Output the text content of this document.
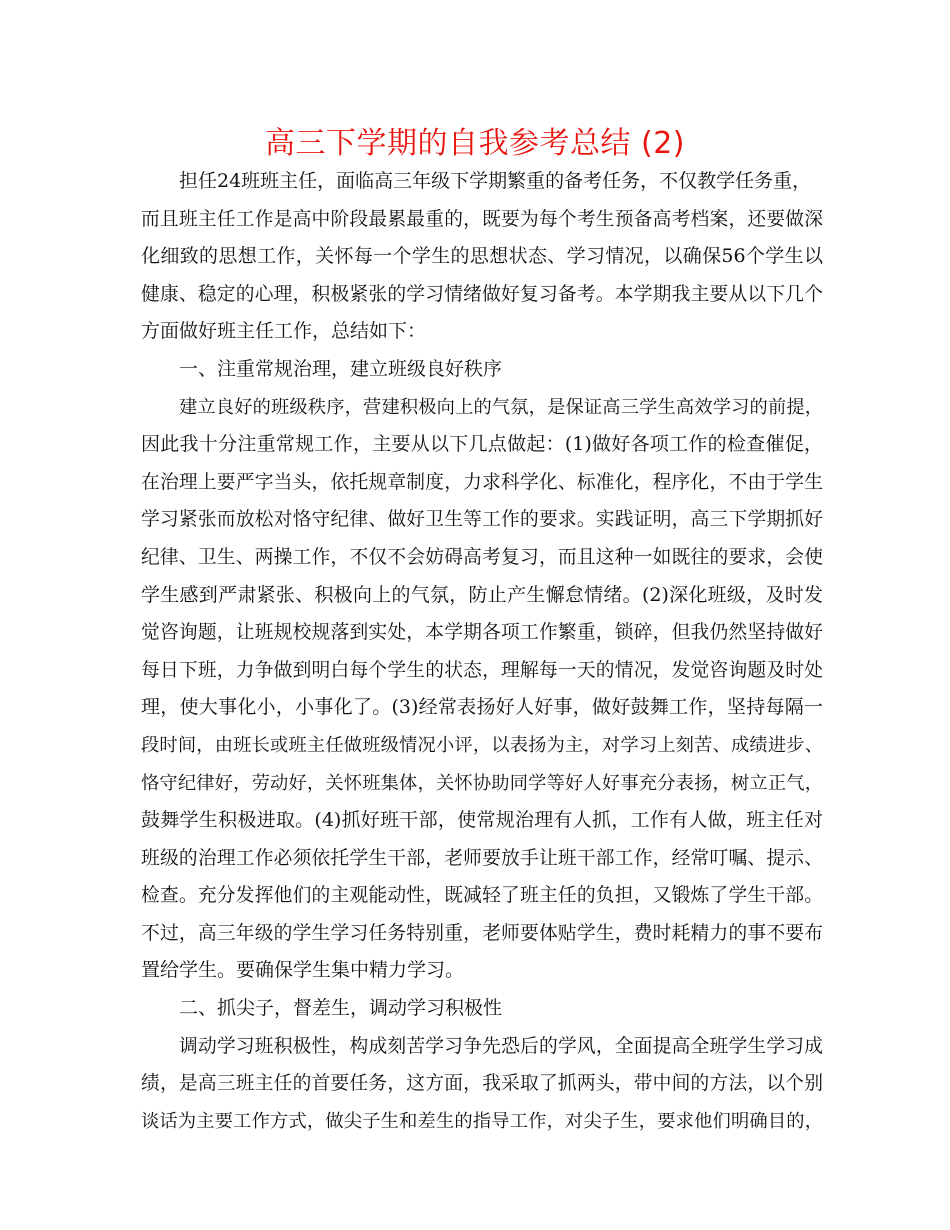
高三下学期的自我参考总结 (2)
担任24班班主任，面临高三年级下学期繁重的备考任务，不仅教学任务重，
而且班主任工作是高中阶段最累最重的，既要为每个考生预备高考档案，还要做深
化细致的思想工作，关怀每一个学生的思想状态、学习情况，以确保56个学生以
健康、稳定的心理，积极紧张的学习情绪做好复习备考。本学期我主要从以下几个
方面做好班主任工作，总结如下：
一、注重常规治理，建立班级良好秩序
建立良好的班级秩序，营建积极向上的气氛，是保证高三学生高效学习的前提，
因此我十分注重常规工作，主要从以下几点做起：(1)做好各项工作的检查催促，
在治理上要严字当头，依托规章制度，力求科学化、标准化，程序化，不由于学生
学习紧张而放松对恪守纪律、做好卫生等工作的要求。实践证明，高三下学期抓好
纪律、卫生、两操工作，不仅不会妨碍高考复习，而且这种一如既往的要求，会使
学生感到严肃紧张、积极向上的气氛，防止产生懈怠情绪。(2)深化班级，及时发
觉咨询题，让班规校规落到实处，本学期各项工作繁重，锁碎，但我仍然坚持做好
每日下班，力争做到明白每个学生的状态，理解每一天的情况，发觉咨询题及时处
理，使大事化小，小事化了。(3)经常表扬好人好事，做好鼓舞工作，坚持每隔一
段时间，由班长或班主任做班级情况小评，以表扬为主，对学习上刻苦、成绩进步、
恪守纪律好，劳动好，关怀班集体，关怀协助同学等好人好事充分表扬，树立正气，
鼓舞学生积极进取。(4)抓好班干部，使常规治理有人抓，工作有人做，班主任对
班级的治理工作必须依托学生干部，老师要放手让班干部工作，经常叮嘱、提示、
检查。充分发挥他们的主观能动性，既减轻了班主任的负担，又锻炼了学生干部。
不过，高三年级的学生学习任务特别重，老师要体贴学生，费时耗精力的事不要布
置给学生。要确保学生集中精力学习。
二、抓尖子，督差生，调动学习积极性
调动学习班积极性，构成刻苦学习争先恐后的学风，全面提高全班学生学习成
绩，是高三班主任的首要任务，这方面，我采取了抓两头，带中间的方法，以个别
谈话为主要工作方式，做尖子生和差生的指导工作，对尖子生，要求他们明确目的，
